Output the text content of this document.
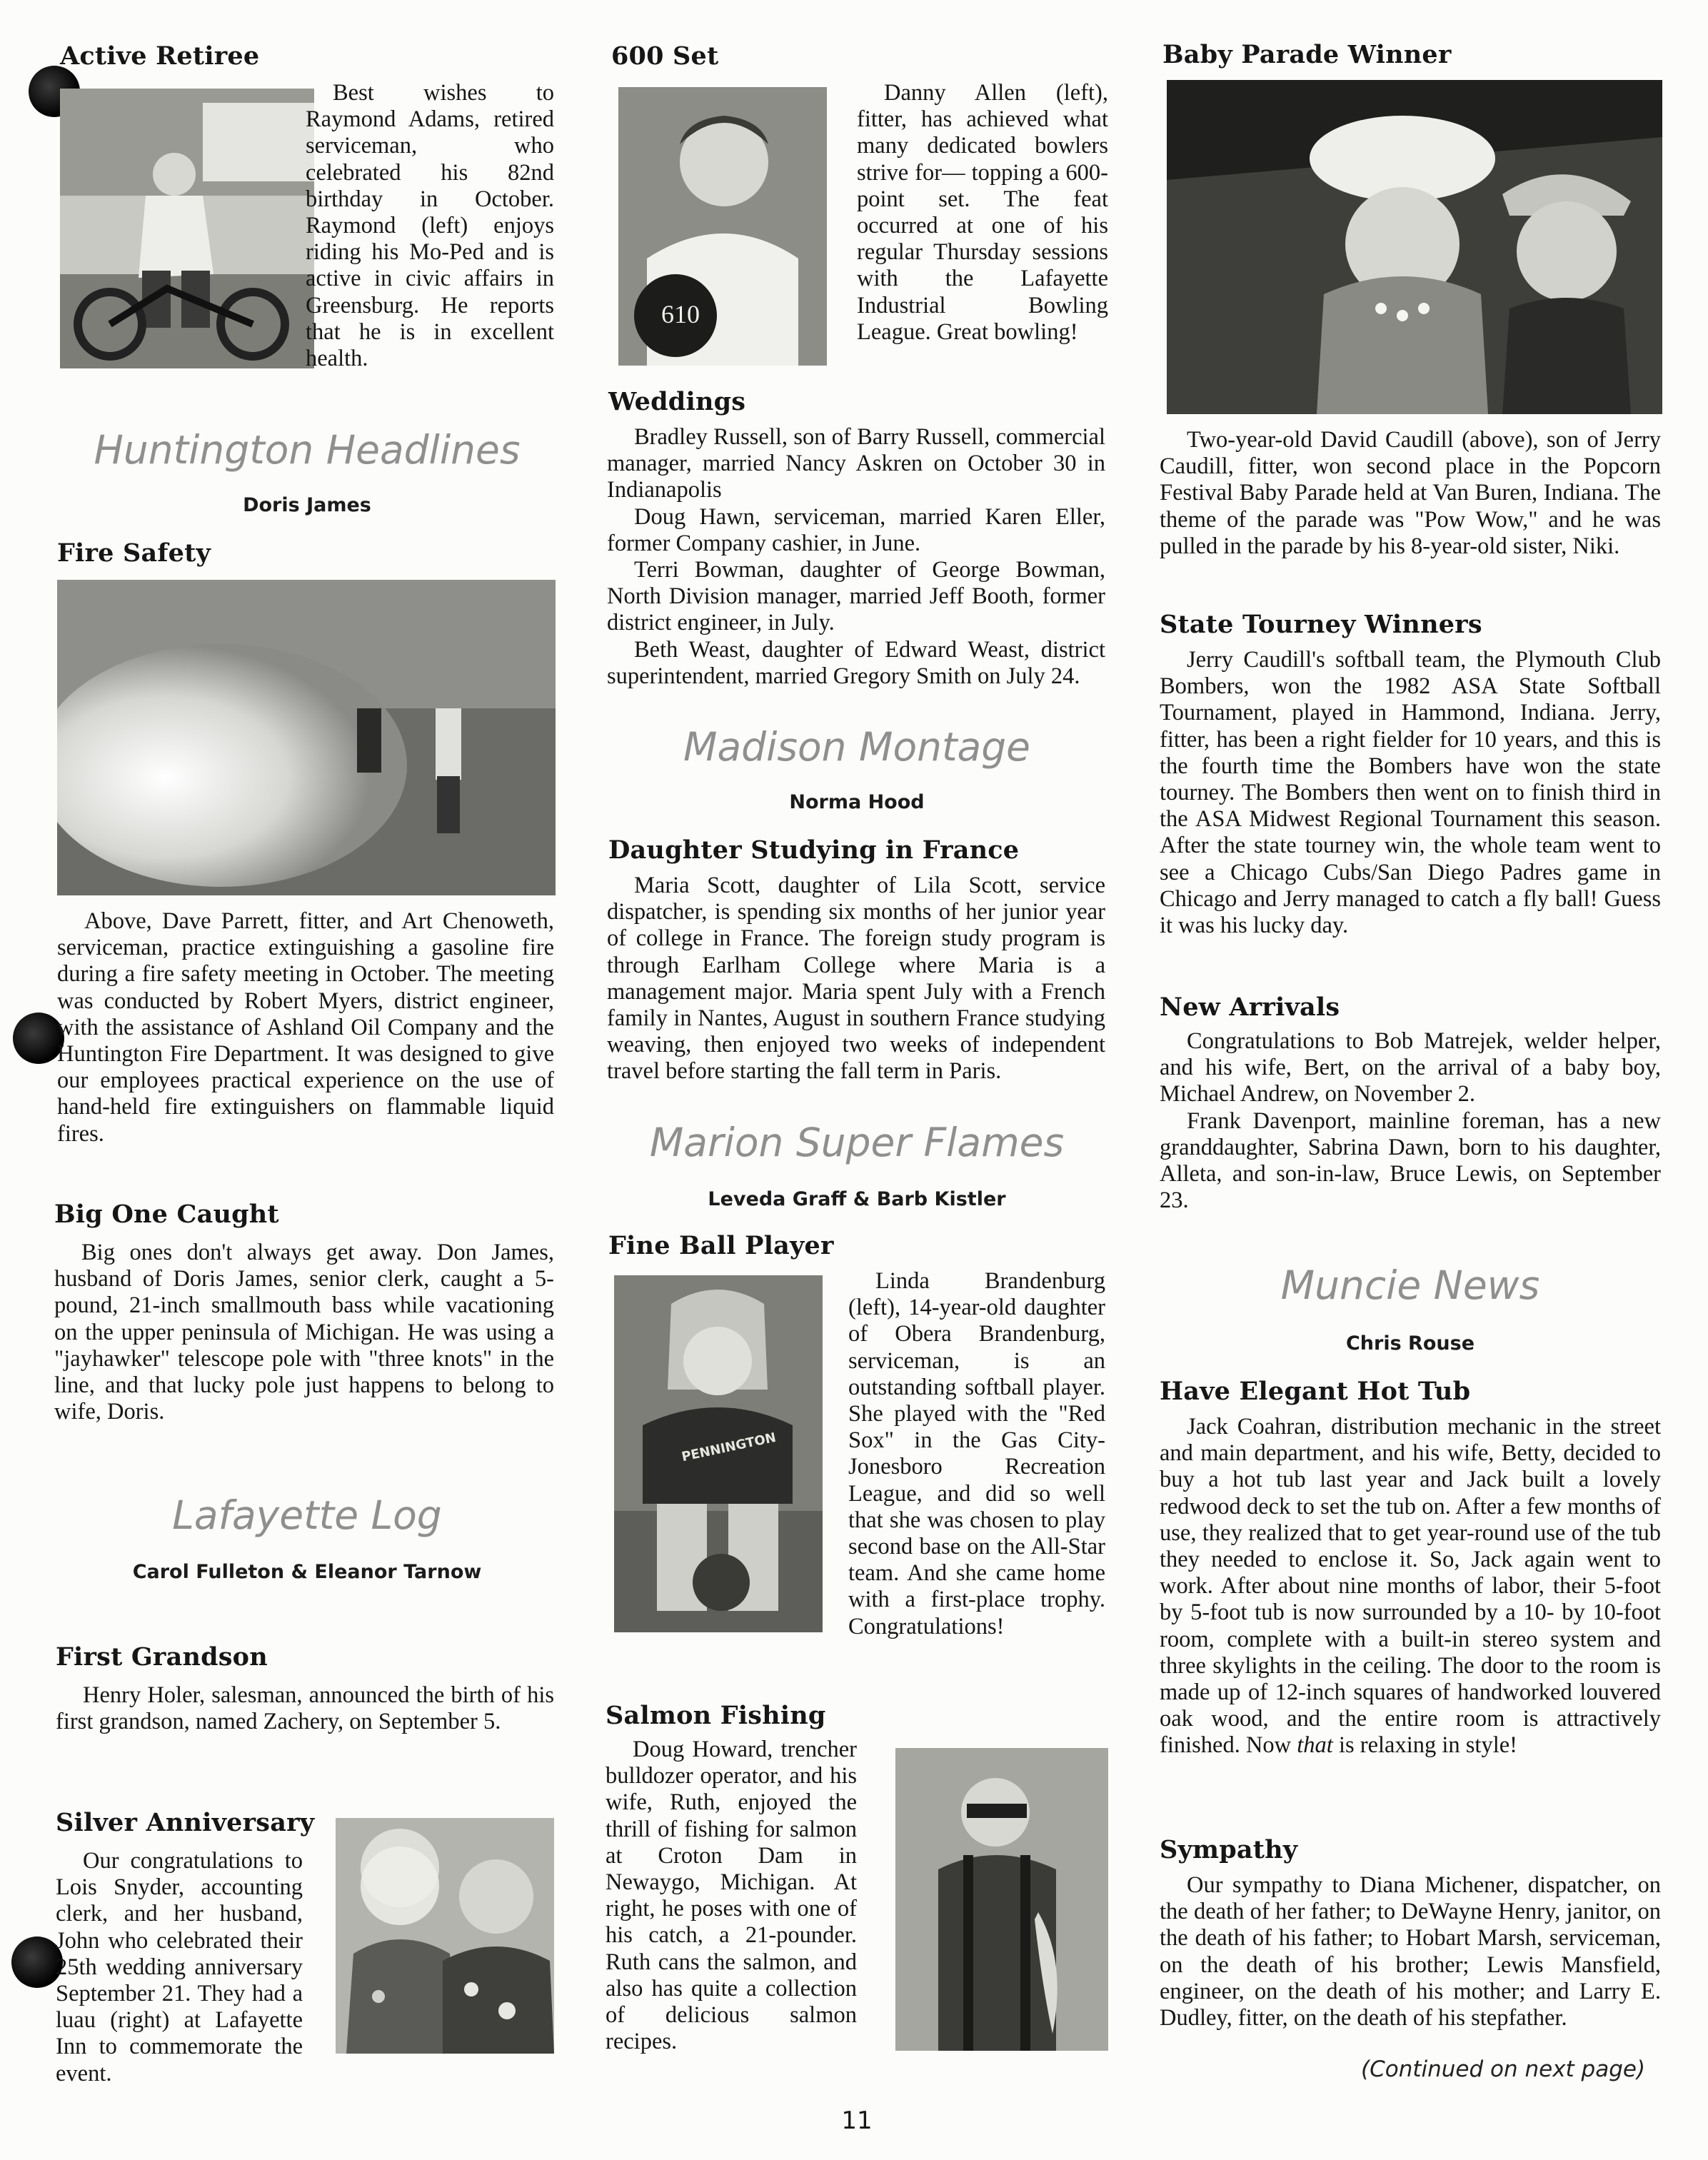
Active Retiree

Best wishes to Raymond Adams, retired serviceman, who celebrated his 82nd birthday in October. Raymond (left) enjoys riding his Mo-Ped and is active in civic affairs in Greensburg. He reports that he is in excellent health.

Huntington Headlines
Doris James
Fire Safety

Above, Dave Parrett, fitter, and Art Chenoweth, serviceman, practice extinguishing a gasoline fire during a fire safety meeting in October. The meeting was conducted by Robert Myers, district engineer, with the assistance of Ashland Oil Company and the Huntington Fire Department. It was designed to give our employees practical experience on the use of hand-held fire extinguishers on flammable liquid fires.

Big One Caught

Big ones don't always get away. Don James, husband of Doris James, senior clerk, caught a 5-pound, 21-inch smallmouth bass while vacationing on the upper peninsula of Michigan. He was using a "jayhawker" telescope pole with "three knots" in the line, and that lucky pole just happens to belong to wife, Doris.

Lafayette Log
Carol Fulleton & Eleanor Tarnow
First Grandson

Henry Holer, salesman, announced the birth of his first grandson, named Zachery, on September 5.

Silver Anniversary

Our congratulations to Lois Snyder, accounting clerk, and her husband, John who celebrated their 25th wedding anniversary September 21. They had a luau (right) at Lafayette Inn to commemorate the event.

600 Set
610

Danny Allen (left), fitter, has achieved what many dedicated bowlers strive for— topping a 600-point set. The feat occurred at one of his regular Thursday sessions with the Lafayette Industrial Bowling League. Great bowling!

Weddings

Bradley Russell, son of Barry Russell, commercial manager, married Nancy Askren on October 30 in Indianapolis

Doug Hawn, serviceman, married Karen Eller, former Company cashier, in June.

Terri Bowman, daughter of George Bowman, North Division manager, married Jeff Booth, former district engineer, in July.

Beth Weast, daughter of Edward Weast, district superintendent, married Gregory Smith on July 24.

Madison Montage
Norma Hood
Daughter Studying in France

Maria Scott, daughter of Lila Scott, service dispatcher, is spending six months of her junior year of college in France. The foreign study program is through Earlham College where Maria is a management major. Maria spent July with a French family in Nantes, August in southern France studying weaving, then enjoyed two weeks of independent travel before starting the fall term in Paris.

Marion Super Flames
Leveda Graff & Barb Kistler
Fine Ball Player
PENNINGTON

Linda Brandenburg (left), 14-year-old daughter of Obera Brandenburg, serviceman, is an outstanding softball player. She played with the "Red Sox" in the Gas City-Jonesboro Recreation League, and did so well that she was chosen to play second base on the All-Star team. And she came home with a first-place trophy. Congratulations!

Salmon Fishing

Doug Howard, trencher bulldozer operator, and his wife, Ruth, enjoyed the thrill of fishing for salmon at Croton Dam in Newaygo, Michigan. At right, he poses with one of his catch, a 21-pounder. Ruth cans the salmon, and also has quite a collection of delicious salmon recipes.

11
Baby Parade Winner

Two-year-old David Caudill (above), son of Jerry Caudill, fitter, won second place in the Popcorn Festival Baby Parade held at Van Buren, Indiana. The theme of the parade was "Pow Wow," and he was pulled in the parade by his 8-year-old sister, Niki.

State Tourney Winners

Jerry Caudill's softball team, the Plymouth Club Bombers, won the 1982 ASA State Softball Tournament, played in Hammond, Indiana. Jerry, fitter, has been a right fielder for 10 years, and this is the fourth time the Bombers have won the state tourney. The Bombers then went on to finish third in the ASA Midwest Regional Tournament this season. After the state tourney win, the whole team went to see a Chicago Cubs/San Diego Padres game in Chicago and Jerry managed to catch a fly ball! Guess it was his lucky day.

New Arrivals

Congratulations to Bob Matrejek, welder helper, and his wife, Bert, on the arrival of a baby boy, Michael Andrew, on November 2.

Frank Davenport, mainline foreman, has a new granddaughter, Sabrina Dawn, born to his daughter, Alleta, and son-in-law, Bruce Lewis, on September 23.

Muncie News
Chris Rouse
Have Elegant Hot Tub

Jack Coahran, distribution mechanic in the street and main department, and his wife, Betty, decided to buy a hot tub last year and Jack built a lovely redwood deck to set the tub on. After a few months of use, they realized that to get year-round use of the tub they needed to enclose it. So, Jack again went to work. After about nine months of labor, their 5-foot by 5-foot tub is now surrounded by a 10- by 10-foot room, complete with a built-in stereo system and three skylights in the ceiling. The door to the room is made up of 12-inch squares of handworked louvered oak wood, and the entire room is attractively finished. Now that is relaxing in style!

Sympathy

Our sympathy to Diana Michener, dispatcher, on the death of her father; to DeWayne Henry, janitor, on the death of his father; to Hobart Marsh, serviceman, on the death of his brother; Lewis Mansfield, engineer, on the death of his mother; and Larry E. Dudley, fitter, on the death of his stepfather.

(Continued on next page)
